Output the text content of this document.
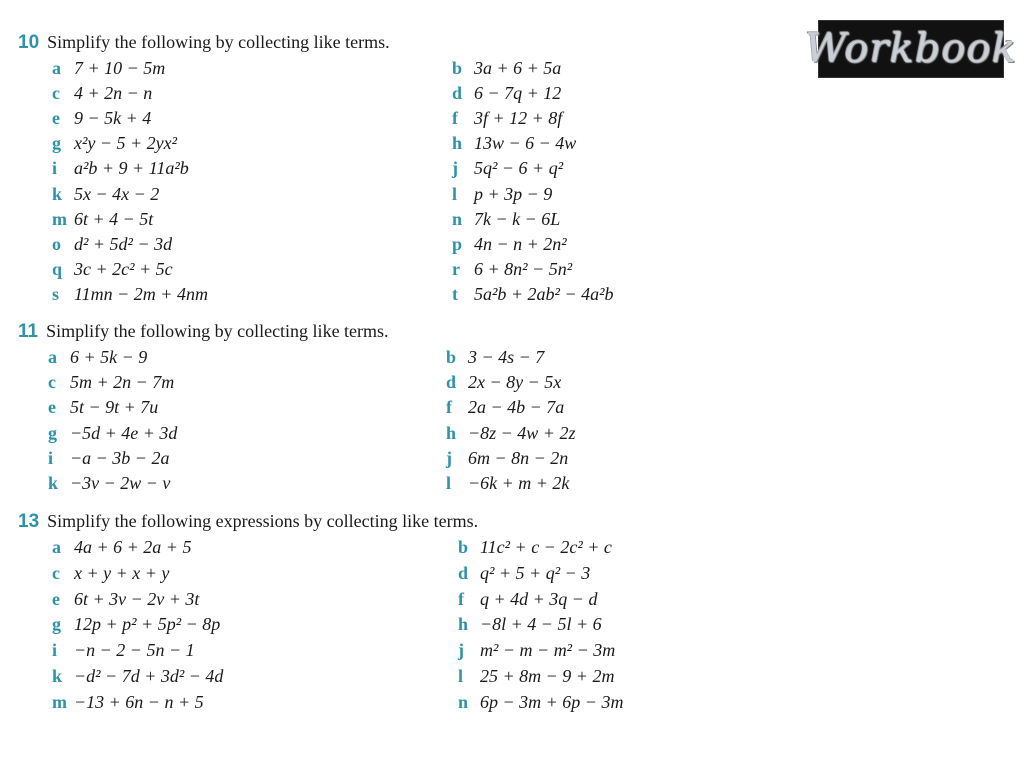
Workbook
10 Simplify the following by collecting like terms.
a 7 + 10 − 5m	b 3a + 6 + 5a
c 4 + 2n − n	d 6 − 7q + 12
e 9 − 5k + 4	f 3f + 12 + 8f
g x²y − 5 + 2yx²	h 13w − 6 − 4w
i a²b + 9 + 11a²b	j 5q² − 6 + q²
k 5x − 4x − 2	l p + 3p − 9
m 6t + 4 − 5t	n 7k − k − 6L
o d² + 5d² − 3d	p 4n − n + 2n²
q 3c + 2c² + 5c	r 6 + 8n² − 5n²
s 11mn − 2m + 4nm	t 5a²b + 2ab² − 4a²b
11 Simplify the following by collecting like terms.
a 6 + 5k − 9	b 3 − 4s − 7
c 5m + 2n − 7m	d 2x − 8y − 5x
e 5t − 9t + 7u	f 2a − 4b − 7a
g −5d + 4e + 3d	h −8z − 4w + 2z
i −a − 3b − 2a	j 6m − 8n − 2n
k −3v − 2w − v	l −6k + m + 2k
13 Simplify the following expressions by collecting like terms.
a 4a + 6 + 2a + 5	b 11c² + c − 2c² + c
c x + y + x + y	d q² + 5 + q² − 3
e 6t + 3v − 2v + 3t	f q + 4d + 3q − d
g 12p + p² + 5p² − 8p	h −8l + 4 − 5l + 6
i −n − 2 − 5n − 1	j m² − m − m² − 3m
k −d² − 7d + 3d² − 4d	l 25 + 8m − 9 + 2m
m −13 + 6n − n + 5	n 6p − 3m + 6p − 3m
